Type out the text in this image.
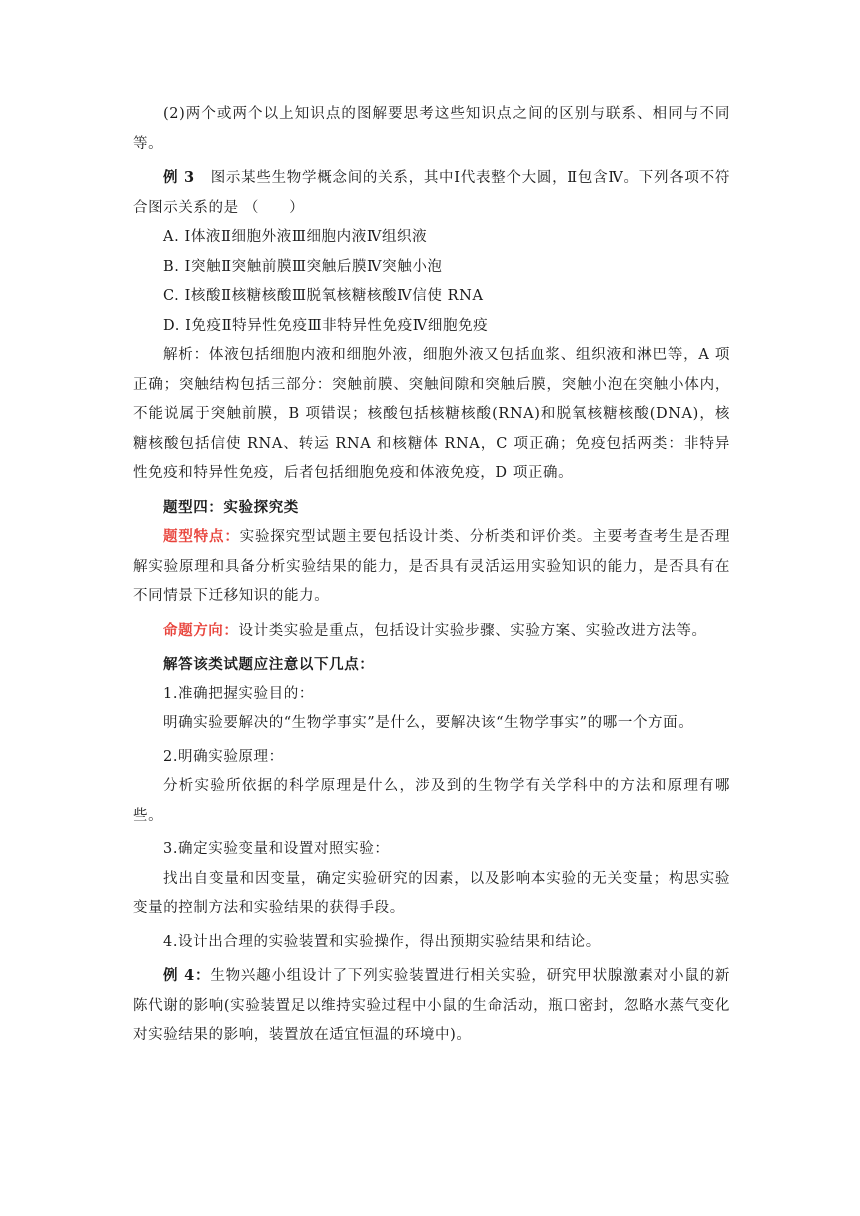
(2)两个或两个以上知识点的图解要思考这些知识点之间的区别与联系、相同与不同等。

例 3 图示某些生物学概念间的关系，其中Ⅰ代表整个大圆，Ⅱ包含Ⅳ。下列各项不符合图示关系的是 （　　）

A. Ⅰ体液Ⅱ细胞外液Ⅲ细胞内液Ⅳ组织液

B. Ⅰ突触Ⅱ突触前膜Ⅲ突触后膜Ⅳ突触小泡

C. Ⅰ核酸Ⅱ核糖核酸Ⅲ脱氧核糖核酸Ⅳ信使 RNA

D. Ⅰ免疫Ⅱ特异性免疫Ⅲ非特异性免疫Ⅳ细胞免疫

解析：体液包括细胞内液和细胞外液，细胞外液又包括血浆、组织液和淋巴等，A 项正确；突触结构包括三部分：突触前膜、突触间隙和突触后膜，突触小泡在突触小体内，不能说属于突触前膜，B 项错误；核酸包括核糖核酸(RNA)和脱氧核糖核酸(DNA)，核糖核酸包括信使 RNA、转运 RNA 和核糖体 RNA，C 项正确；免疫包括两类：非特异性免疫和特异性免疫，后者包括细胞免疫和体液免疫，D 项正确。

题型四：实验探究类

题型特点：实验探究型试题主要包括设计类、分析类和评价类。主要考查考生是否理解实验原理和具备分析实验结果的能力，是否具有灵活运用实验知识的能力，是否具有在不同情景下迁移知识的能力。

命题方向：设计类实验是重点，包括设计实验步骤、实验方案、实验改进方法等。

解答该类试题应注意以下几点：

1.准确把握实验目的：

明确实验要解决的“生物学事实”是什么，要解决该“生物学事实”的哪一个方面。

2.明确实验原理：

分析实验所依据的科学原理是什么，涉及到的生物学有关学科中的方法和原理有哪些。

3.确定实验变量和设置对照实验：

找出自变量和因变量，确定实验研究的因素，以及影响本实验的无关变量；构思实验变量的控制方法和实验结果的获得手段。

4.设计出合理的实验装置和实验操作，得出预期实验结果和结论。

例 4：生物兴趣小组设计了下列实验装置进行相关实验，研究甲状腺激素对小鼠的新陈代谢的影响(实验装置足以维持实验过程中小鼠的生命活动，瓶口密封，忽略水蒸气变化对实验结果的影响，装置放在适宜恒温的环境中)。
